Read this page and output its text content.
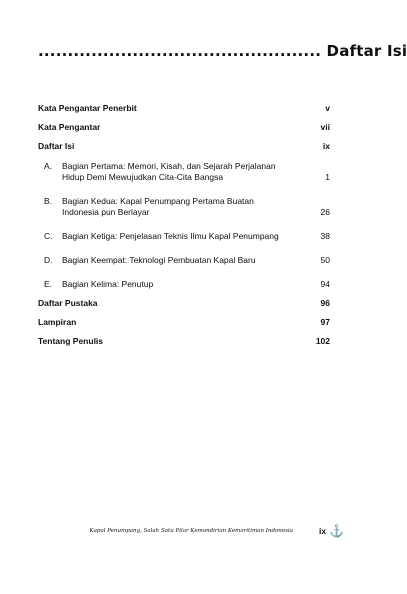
................................................ Daftar Isi
Kata Pengantar Penerbit	v
Kata Pengantar	vii
Daftar Isi	ix
A.	Bagian Pertama: Memori, Kisah, dan Sejarah Perjalanan Hidup Demi Mewujudkan Cita-Cita Bangsa	1
B.	Bagian Kedua: Kapal Penumpang Pertama Buatan Indonesia pun Berlayar	26
C.	Bagian Ketiga: Penjelasan Teknis Ilmu Kapal Penumpang	38
D.	Bagian Keempat: Teknologi Pembuatan Kapal Baru	50
E.	Bagian Kelima: Penutup	94
Daftar Pustaka	96
Lampiran	97
Tentang Penulis	102
Kapal Penumpang, Salah Satu Pilar Kemandirian Kemaritiman Indonesia	ix ⚓
